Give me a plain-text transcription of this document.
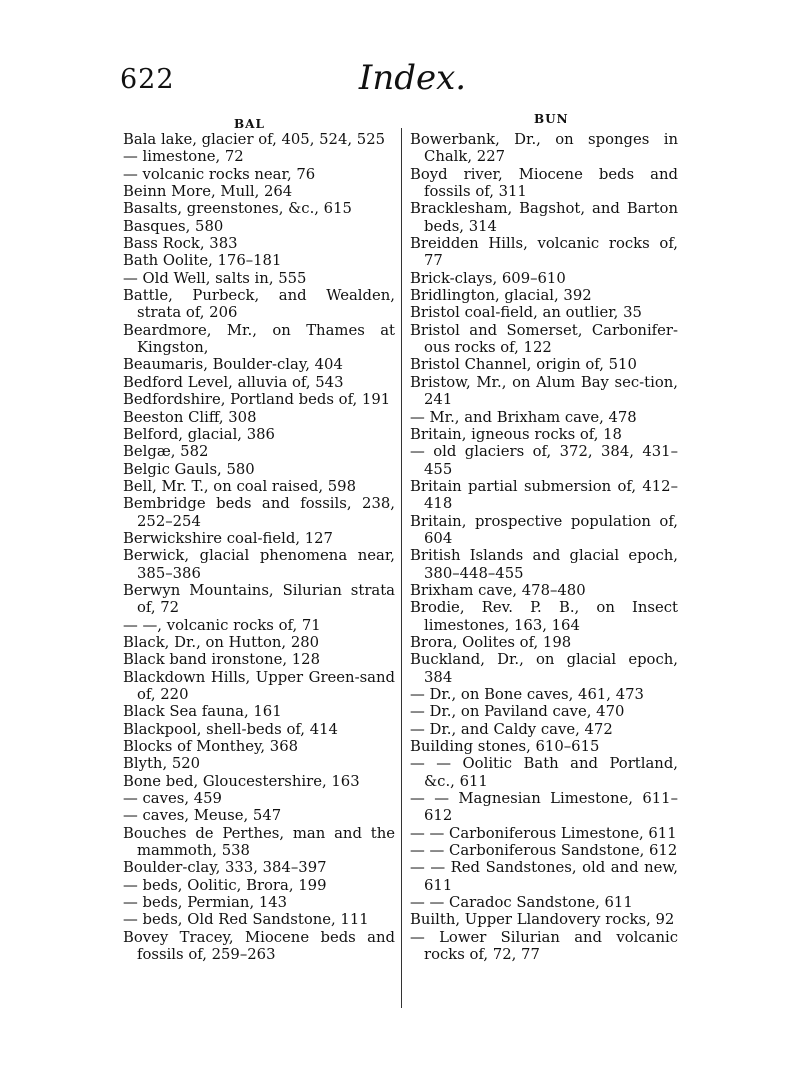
622	Index.
BAL	BUN

Bala lake, glacier of, 405, 524, 525

— limestone, 72

— volcanic rocks near, 76

Beinn More, Mull, 264

Basalts, greenstones, &c., 615

Basques, 580

Bass Rock, 383

Bath Oolite, 176–181

— Old Well, salts in, 555

Battle, Purbeck, and Wealden, strata of, 206

Beardmore, Mr., on Thames at Kingston,

Beaumaris, Boulder-clay, 404

Bedford Level, alluvia of, 543

Bedfordshire, Portland beds of, 191

Beeston Cliff, 308

Belford, glacial, 386

Belgæ, 582

Belgic Gauls, 580

Bell, Mr. T., on coal raised, 598

Bembridge beds and fossils, 238, 252–254

Berwickshire coal-field, 127

Berwick, glacial phenomena near, 385–386

Berwyn Mountains, Silurian strata of, 72

— —, volcanic rocks of, 71

Black, Dr., on Hutton, 280

Black band ironstone, 128

Blackdown Hills, Upper Green-sand of, 220

Black Sea fauna, 161

Blackpool, shell-beds of, 414

Blocks of Monthey, 368

Blyth, 520

Bone bed, Gloucestershire, 163

— caves, 459

— caves, Meuse, 547

Bouches de Perthes, man and the mammoth, 538

Boulder-clay, 333, 384–397

— beds, Oolitic, Brora, 199

— beds, Permian, 143

— beds, Old Red Sandstone, 111

Bovey Tracey, Miocene beds and fossils of, 259–263

Bowerbank, Dr., on sponges in Chalk, 227

Boyd river, Miocene beds and fossils of, 311

Bracklesham, Bagshot, and Barton beds, 314

Breidden Hills, volcanic rocks of, 77

Brick-clays, 609–610

Bridlington, glacial, 392

Bristol coal-field, an outlier, 35

Bristol and Somerset, Carbonifer-ous rocks of, 122

Bristol Channel, origin of, 510

Bristow, Mr., on Alum Bay sec-tion, 241

— Mr., and Brixham cave, 478

Britain, igneous rocks of, 18

— old glaciers of, 372, 384, 431–455

Britain partial submersion of, 412–418

Britain, prospective population of, 604

British Islands and glacial epoch, 380–448–455

Brixham cave, 478–480

Brodie, Rev. P. B., on Insect limestones, 163, 164

Brora, Oolites of, 198

Buckland, Dr., on glacial epoch, 384

— Dr., on Bone caves, 461, 473

— Dr., on Paviland cave, 470

— Dr., and Caldy cave, 472

Building stones, 610–615

— — Oolitic Bath and Portland, &c., 611

— — Magnesian Limestone, 611–612

— — Carboniferous Limestone, 611

— — Carboniferous Sandstone, 612

— — Red Sandstones, old and new, 611

— — Caradoc Sandstone, 611

Builth, Upper Llandovery rocks, 92

— Lower Silurian and volcanic rocks of, 72, 77
